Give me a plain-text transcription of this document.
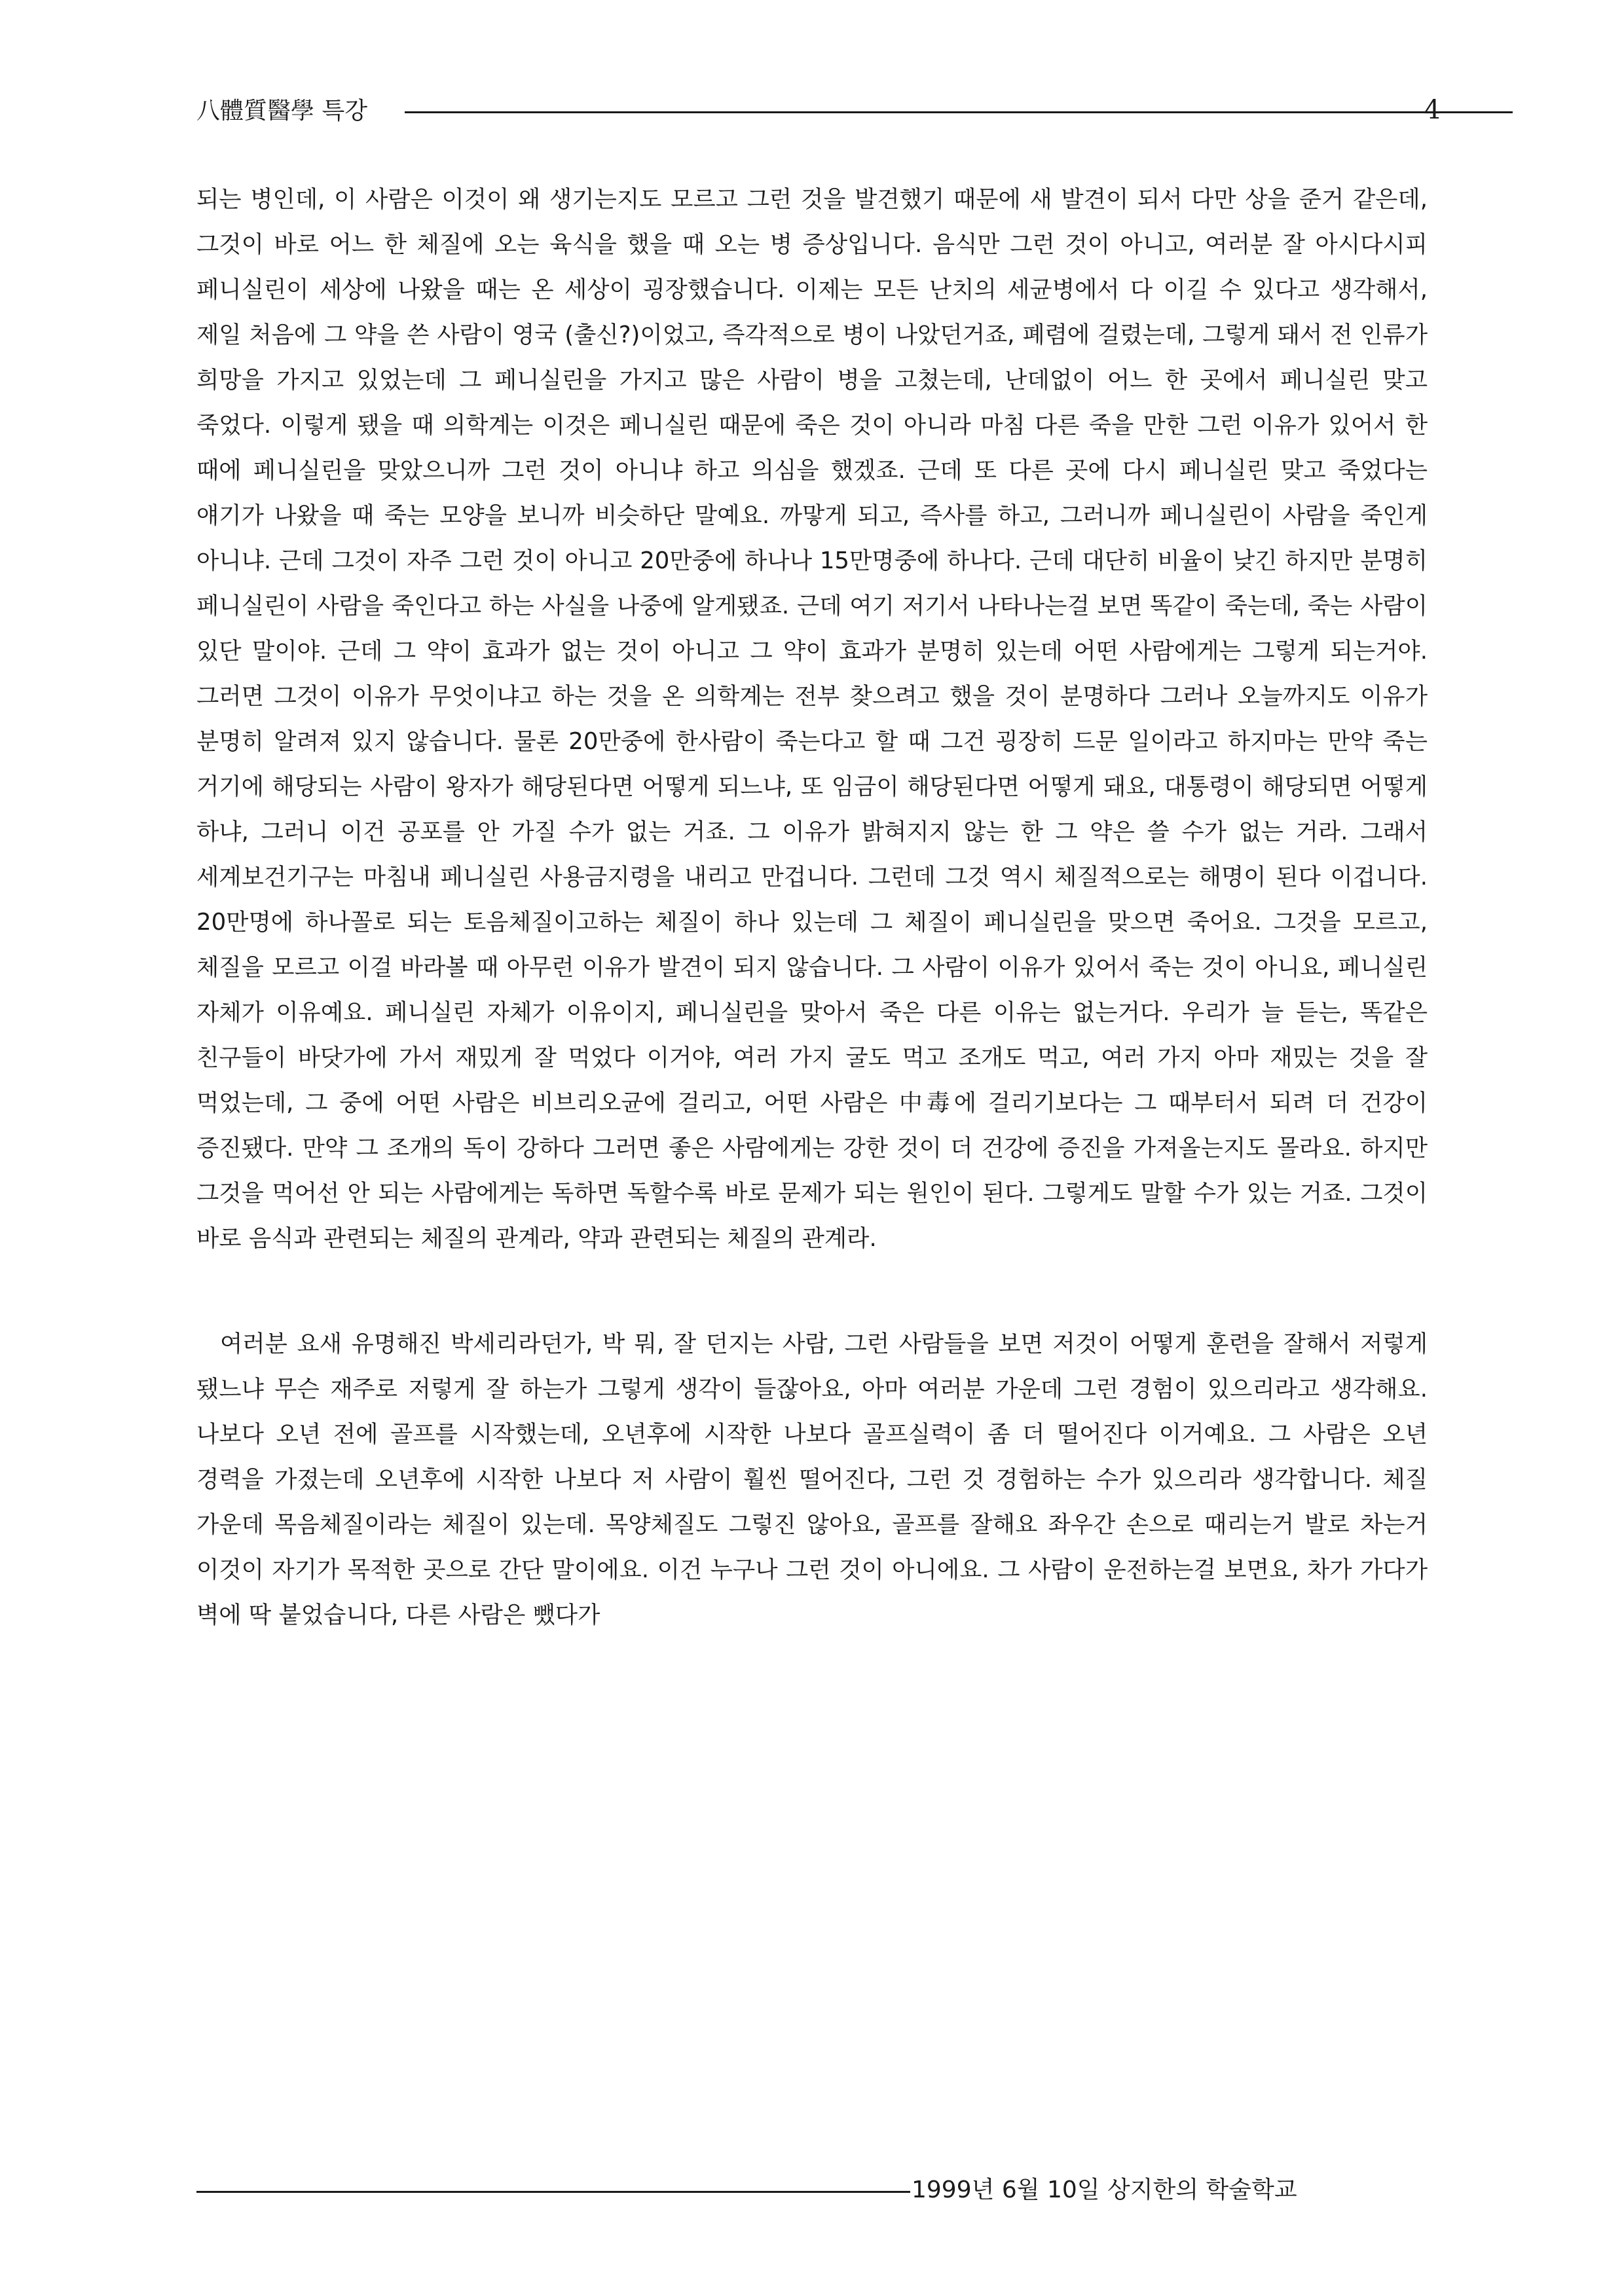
八體質醫學 특강	4

되는 병인데, 이 사람은 이것이 왜 생기는지도 모르고 그런 것을 발견했기 때문에 새 발견이 되서 다만 상을 준거 같은데, 그것이 바로 어느 한 체질에 오는 육식을 했을 때 오는 병 증상입니다. 음식만 그런 것이 아니고, 여러분 잘 아시다시피 페니실린이 세상에 나왔을 때는 온 세상이 굉장했습니다. 이제는 모든 난치의 세균병에서 다 이길 수 있다고 생각해서, 제일 처음에 그 약을 쓴 사람이 영국 (출신?)이었고, 즉각적으로 병이 나았던거죠, 폐렴에 걸렸는데, 그렇게 돼서 전 인류가 희망을 가지고 있었는데 그 페니실린을 가지고 많은 사람이 병을 고쳤는데, 난데없이 어느 한 곳에서 페니실린 맞고 죽었다. 이렇게 됐을 때 의학계는 이것은 페니실린 때문에 죽은 것이 아니라 마침 다른 죽을 만한 그런 이유가 있어서 한 때에 페니실린을 맞았으니까 그런 것이 아니냐 하고 의심을 했겠죠. 근데 또 다른 곳에 다시 페니실린 맞고 죽었다는 얘기가 나왔을 때 죽는 모양을 보니까 비슷하단 말예요. 까맣게 되고, 즉사를 하고, 그러니까 페니실린이 사람을 죽인게 아니냐. 근데 그것이 자주 그런 것이 아니고 20만중에 하나나 15만명중에 하나다. 근데 대단히 비율이 낮긴 하지만 분명히 페니실린이 사람을 죽인다고 하는 사실을 나중에 알게됐죠. 근데 여기 저기서 나타나는걸 보면 똑같이 죽는데, 죽는 사람이 있단 말이야. 근데 그 약이 효과가 없는 것이 아니고 그 약이 효과가 분명히 있는데 어떤 사람에게는 그렇게 되는거야. 그러면 그것이 이유가 무엇이냐고 하는 것을 온 의학계는 전부 찾으려고 했을 것이 분명하다 그러나 오늘까지도 이유가 분명히 알려져 있지 않습니다. 물론 20만중에 한사람이 죽는다고 할 때 그건 굉장히 드문 일이라고 하지마는 만약 죽는 거기에 해당되는 사람이 왕자가 해당된다면 어떻게 되느냐, 또 임금이 해당된다면 어떻게 돼요, 대통령이 해당되면 어떻게 하냐, 그러니 이건 공포를 안 가질 수가 없는 거죠. 그 이유가 밝혀지지 않는 한 그 약은 쓸 수가 없는 거라. 그래서 세계보건기구는 마침내 페니실린 사용금지령을 내리고 만겁니다. 그런데 그것 역시 체질적으로는 해명이 된다 이겁니다. 20만명에 하나꼴로 되는 토음체질이고하는 체질이 하나 있는데 그 체질이 페니실린을 맞으면 죽어요. 그것을 모르고, 체질을 모르고 이걸 바라볼 때 아무런 이유가 발견이 되지 않습니다. 그 사람이 이유가 있어서 죽는 것이 아니요, 페니실린 자체가 이유예요. 페니실린 자체가 이유이지, 페니실린을 맞아서 죽은 다른 이유는 없는거다. 우리가 늘 듣는, 똑같은 친구들이 바닷가에 가서 재밌게 잘 먹었다 이거야, 여러 가지 굴도 먹고 조개도 먹고, 여러 가지 아마 재밌는 것을 잘 먹었는데, 그 중에 어떤 사람은 비브리오균에 걸리고, 어떤 사람은 中毒에 걸리기보다는 그 때부터서 되려 더 건강이 증진됐다. 만약 그 조개의 독이 강하다 그러면 좋은 사람에게는 강한 것이 더 건강에 증진을 가져올는지도 몰라요. 하지만 그것을 먹어선 안 되는 사람에게는 독하면 독할수록 바로 문제가 되는 원인이 된다. 그렇게도 말할 수가 있는 거죠. 그것이 바로 음식과 관련되는 체질의 관계라, 약과 관련되는 체질의 관계라.

여러분 요새 유명해진 박세리라던가, 박 뭐, 잘 던지는 사람, 그런 사람들을 보면 저것이 어떻게 훈련을 잘해서 저렇게 됐느냐 무슨 재주로 저렇게 잘 하는가 그렇게 생각이 들잖아요, 아마 여러분 가운데 그런 경험이 있으리라고 생각해요. 나보다 오년 전에 골프를 시작했는데, 오년후에 시작한 나보다 골프실력이 좀 더 떨어진다 이거예요. 그 사람은 오년 경력을 가졌는데 오년후에 시작한 나보다 저 사람이 훨씬 떨어진다, 그런 것 경험하는 수가 있으리라 생각합니다. 체질 가운데 목음체질이라는 체질이 있는데. 목양체질도 그렇진 않아요, 골프를 잘해요 좌우간 손으로 때리는거 발로 차는거 이것이 자기가 목적한 곳으로 간단 말이에요. 이건 누구나 그런 것이 아니에요. 그 사람이 운전하는걸 보면요, 차가 가다가 벽에 딱 붙었습니다, 다른 사람은 뺐다가

1999년 6월 10일 상지한의 학술학교
